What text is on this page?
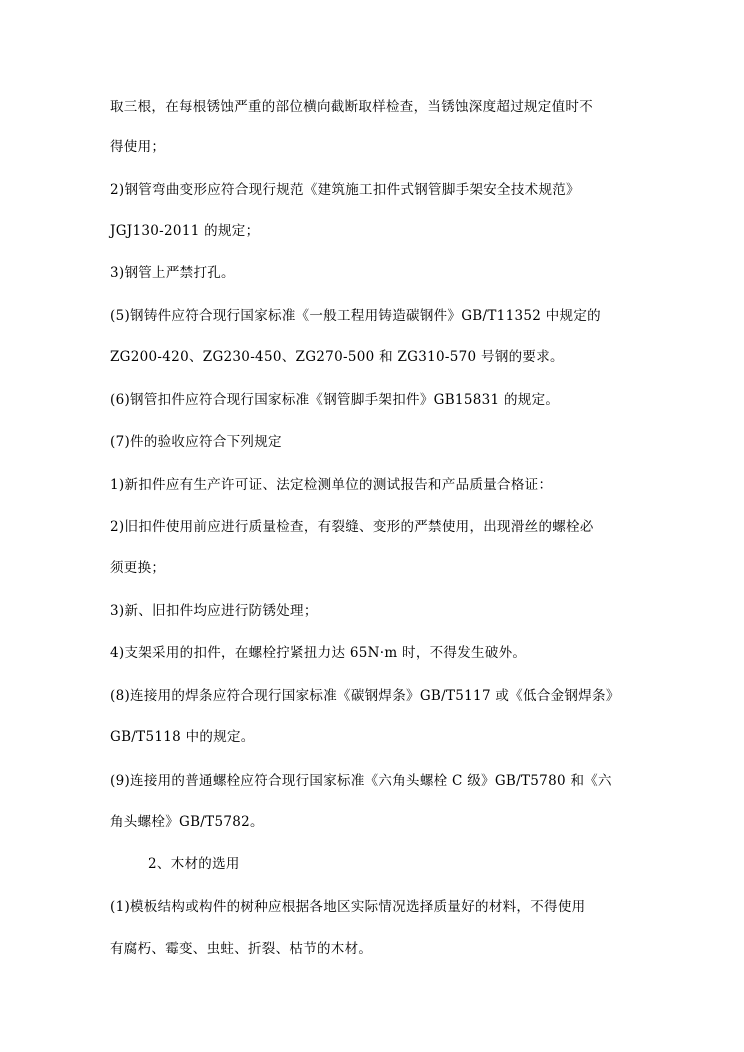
取三根，在每根锈蚀严重的部位横向截断取样检查，当锈蚀深度超过规定值时不
得使用；
2)钢管弯曲变形应符合现行规范《建筑施工扣件式钢管脚手架安全技术规范》
JGJ130-2011 的规定；
3)钢管上严禁打孔。
(5)钢铸件应符合现行国家标准《一般工程用铸造碳钢件》GB/T11352 中规定的
ZG200-420、ZG230-450、ZG270-500 和 ZG310-570 号钢的要求。
(6)钢管扣件应符合现行国家标准《钢管脚手架扣件》GB15831 的规定。
(7)件的验收应符合下列规定
1)新扣件应有生产许可证、法定检测单位的测试报告和产品质量合格证：
2)旧扣件使用前应进行质量检查，有裂缝、变形的严禁使用，出现滑丝的螺栓必
须更换；
3)新、旧扣件均应进行防锈处理；
4)支架采用的扣件，在螺栓拧紧扭力达 65N·m 时，不得发生破外。
(8)连接用的焊条应符合现行国家标准《碳钢焊条》GB/T5117 或《低合金钢焊条》
GB/T5118 中的规定。
(9)连接用的普通螺栓应符合现行国家标准《六角头螺栓 C 级》GB/T5780 和《六
角头螺栓》GB/T5782。
2、木材的选用
(1)模板结构或构件的树种应根据各地区实际情况选择质量好的材料，不得使用
有腐朽、霉变、虫蛀、折裂、枯节的木材。
